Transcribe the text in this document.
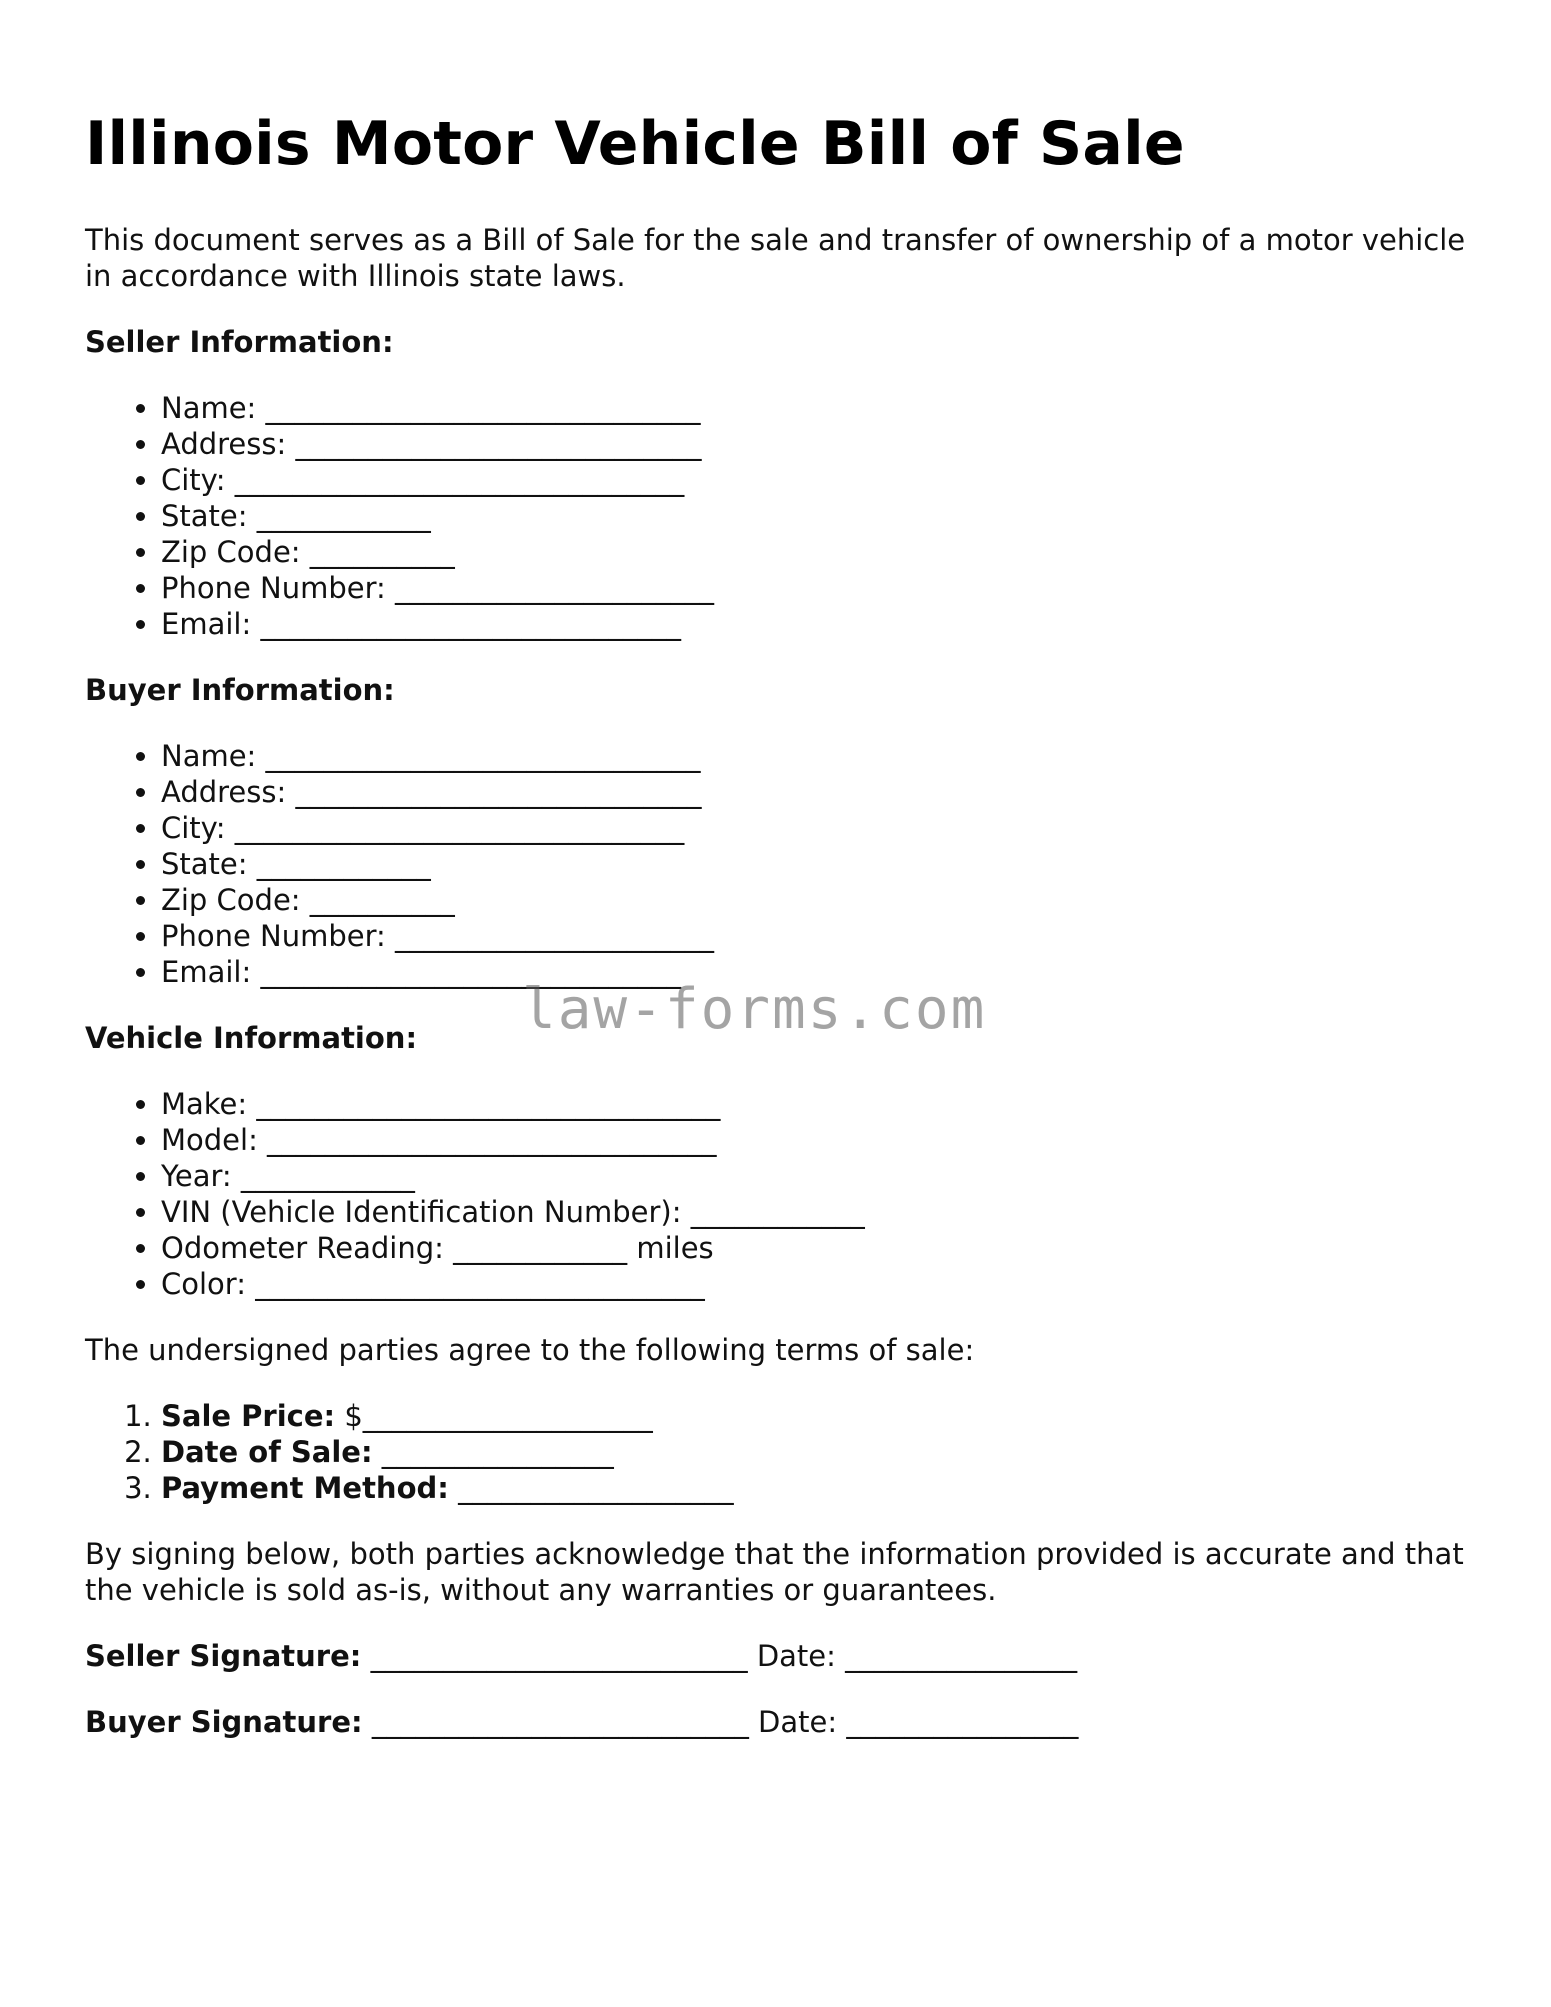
Illinois Motor Vehicle Bill of Sale

This document serves as a Bill of Sale for the sale and transfer of ownership of a motor vehicle in accordance with Illinois state laws.

Seller Information:
• Name: ______________________________
• Address: ____________________________
• City: _______________________________
• State: ____________
• Zip Code: __________
• Phone Number: ______________________
• Email: _____________________________
Buyer Information:
• Name: ______________________________
• Address: ____________________________
• City: _______________________________
• State: ____________
• Zip Code: __________
• Phone Number: ______________________
• Email: _____________________________
Vehicle Information:
• Make: ________________________________
• Model: _______________________________
• Year: ____________
• VIN (Vehicle Identification Number): ____________
• Odometer Reading: ____________ miles
• Color: _______________________________

The undersigned parties agree to the following terms of sale:

1. Sale Price: $____________________
2. Date of Sale: ________________
3. Payment Method: ___________________

By signing below, both parties acknowledge that the information provided is accurate and that the vehicle is sold as-is, without any warranties or guarantees.

Seller Signature: __________________________ Date: ________________
Buyer Signature: __________________________ Date: ________________
law-forms.com
